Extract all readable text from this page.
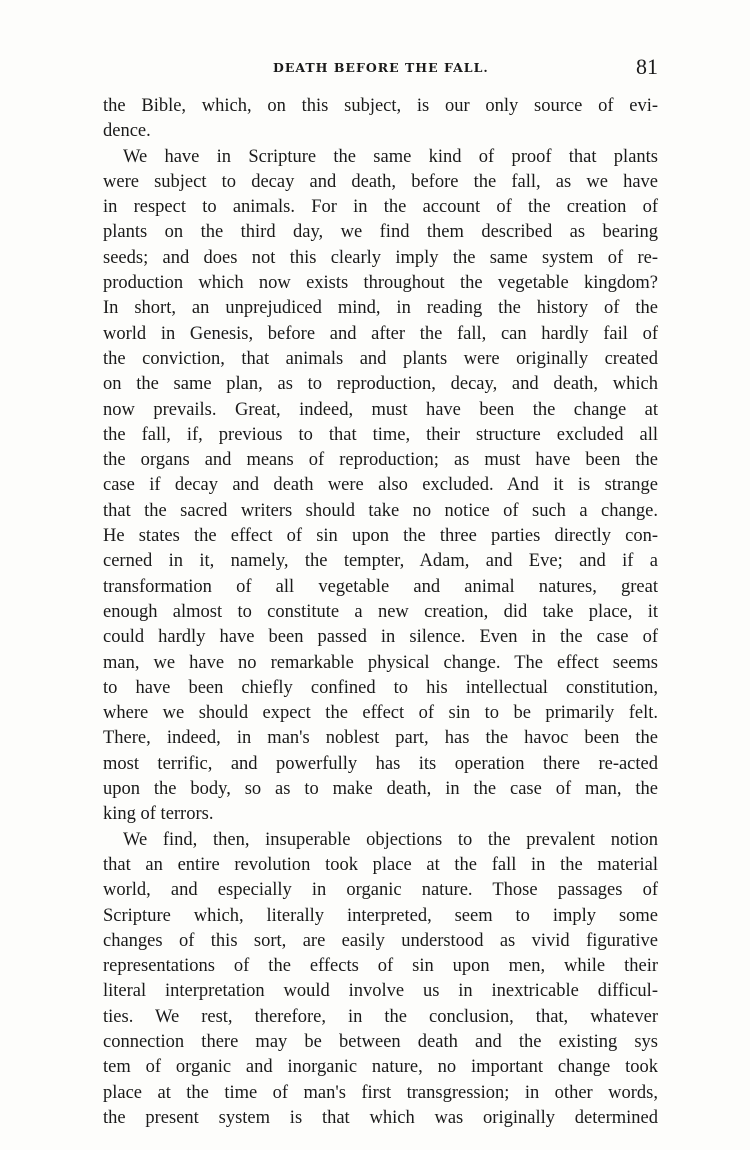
DEATH BEFORE THE FALL.	81
the Bible, which, on this subject, is our only source of evi-
dence.
We have in Scripture the same kind of proof that plants
were subject to decay and death, before the fall, as we have
in respect to animals. For in the account of the creation of
plants on the third day, we find them described as bearing
seeds; and does not this clearly imply the same system of re-
production which now exists throughout the vegetable kingdom?
In short, an unprejudiced mind, in reading the history of the
world in Genesis, before and after the fall, can hardly fail of
the conviction, that animals and plants were originally created
on the same plan, as to reproduction, decay, and death, which
now prevails. Great, indeed, must have been the change at
the fall, if, previous to that time, their structure excluded all
the organs and means of reproduction; as must have been the
case if decay and death were also excluded. And it is strange
that the sacred writers should take no notice of such a change.
He states the effect of sin upon the three parties directly con-
cerned in it, namely, the tempter, Adam, and Eve; and if a
transformation of all vegetable and animal natures, great
enough almost to constitute a new creation, did take place, it
could hardly have been passed in silence. Even in the case of
man, we have no remarkable physical change. The effect seems
to have been chiefly confined to his intellectual constitution,
where we should expect the effect of sin to be primarily felt.
There, indeed, in man's noblest part, has the havoc been the
most terrific, and powerfully has its operation there re-acted
upon the body, so as to make death, in the case of man, the
king of terrors.
We find, then, insuperable objections to the prevalent notion
that an entire revolution took place at the fall in the material
world, and especially in organic nature. Those passages of
Scripture which, literally interpreted, seem to imply some
changes of this sort, are easily understood as vivid figurative
representations of the effects of sin upon men, while their
literal interpretation would involve us in inextricable difficul-
ties. We rest, therefore, in the conclusion, that, whatever
connection there may be between death and the existing sys
tem of organic and inorganic nature, no important change took
place at the time of man's first transgression; in other words,
the present system is that which was originally determined
